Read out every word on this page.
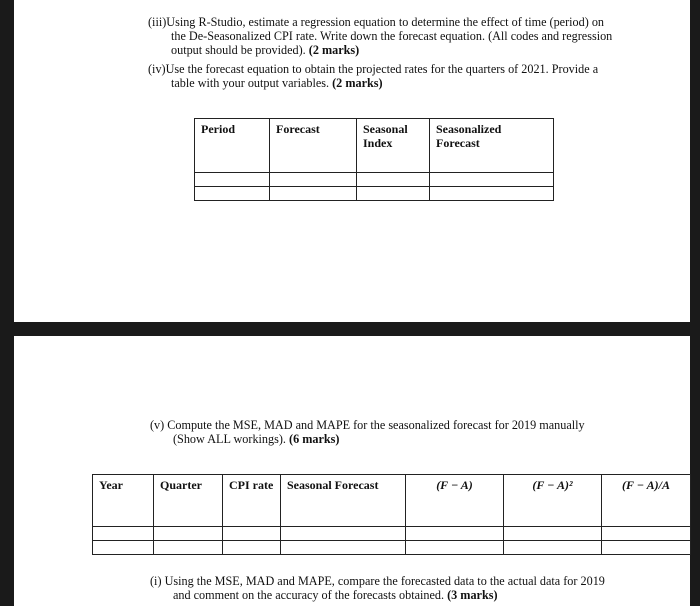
(iii)Using R-Studio, estimate a regression equation to determine the effect of time (period) on the De-Seasonalized CPI rate. Write down the forecast equation. (All codes and regression output should be provided). (2 marks)
(iv)Use the forecast equation to obtain the projected rates for the quarters of 2021. Provide a table with your output variables. (2 marks)
Period	Forecast	Seasonal Index	Seasonalized Forecast

(v) Compute the MSE, MAD and MAPE for the seasonalized forecast for 2019 manually (Show ALL workings). (6 marks)
Year	Quarter	CPI rate	Seasonal Forecast	(F − A)	(F − A)²	(F − A)/A

(i) Using the MSE, MAD and MAPE, compare the forecasted data to the actual data for 2019 and comment on the accuracy of the forecasts obtained. (3 marks)
